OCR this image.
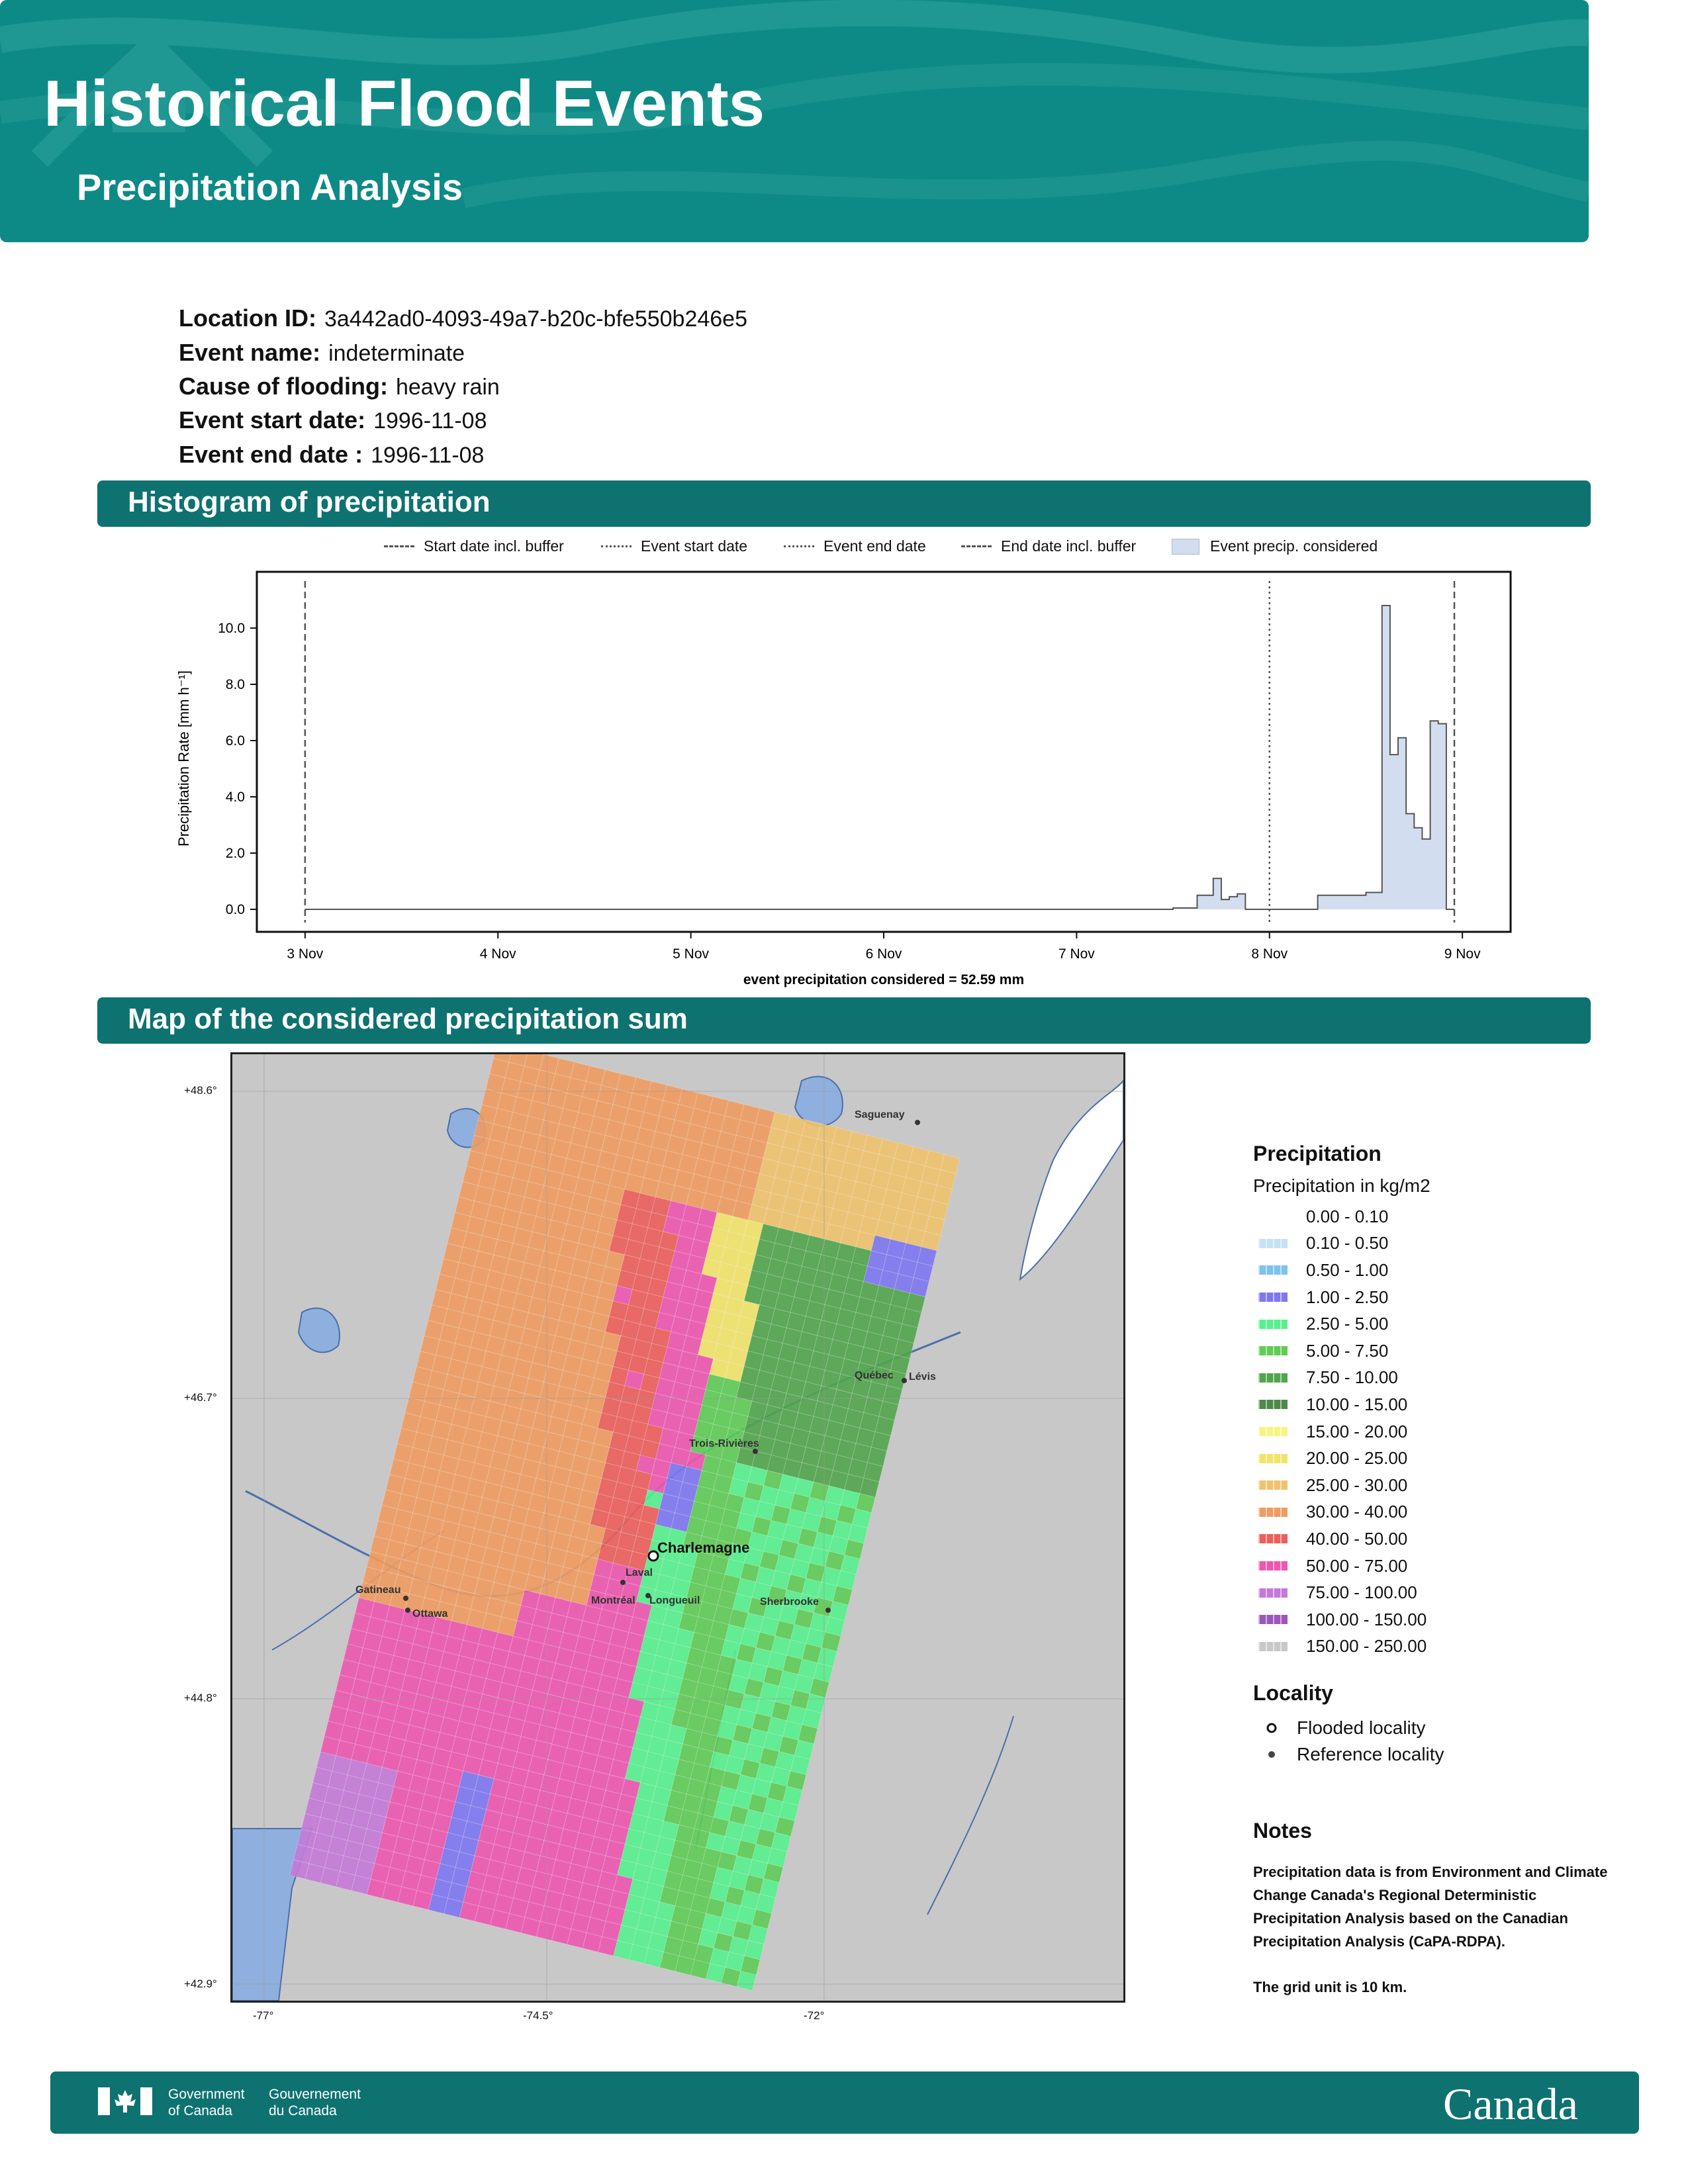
Historical Flood Events
Precipitation Analysis
Location ID: 3a442ad0-4093-49a7-b20c-bfe550b246e5
Event name: indeterminate
Cause of flooding: heavy rain
Event start date: 1996-11-08
Event end date : 1996-11-08
Histogram of precipitation
Start date incl. buffer	Event start date	Event end date	End date incl. buffer	Event precip. considered
0.0
2.0
4.0
6.0
8.0
10.0
3 Nov	4 Nov	5 Nov	6 Nov	7 Nov	8 Nov	9 Nov
Precipitation Rate [mm h⁻¹]
event precipitation considered = 52.59 mm
Map of the considered precipitation sum
Saguenay
Québec Lévis
Trois-Rivières
Charlemagne
Laval
Montréal Longueuil	Sherbrooke
Gatineau
Ottawa
+48.6°
+46.7°
+44.8°
+42.9°
-77°	-74.5°	-72°
Precipitation
Precipitation in kg/m2
0.00 - 0.10
0.10 - 0.50
0.50 - 1.00
1.00 - 2.50
2.50 - 5.00
5.00 - 7.50
7.50 - 10.00
10.00 - 15.00
15.00 - 20.00
20.00 - 25.00
25.00 - 30.00
30.00 - 40.00
40.00 - 50.00
50.00 - 75.00
75.00 - 100.00
100.00 - 150.00
150.00 - 250.00
Locality
Flooded locality
Reference locality
Notes
Precipitation data is from Environment and Climate Change Canada's Regional Deterministic Precipitation Analysis based on the Canadian Precipitation Analysis (CaPA-RDPA).
The grid unit is 10 km.
Government
of Canada
Gouvernement
du Canada	Canada
